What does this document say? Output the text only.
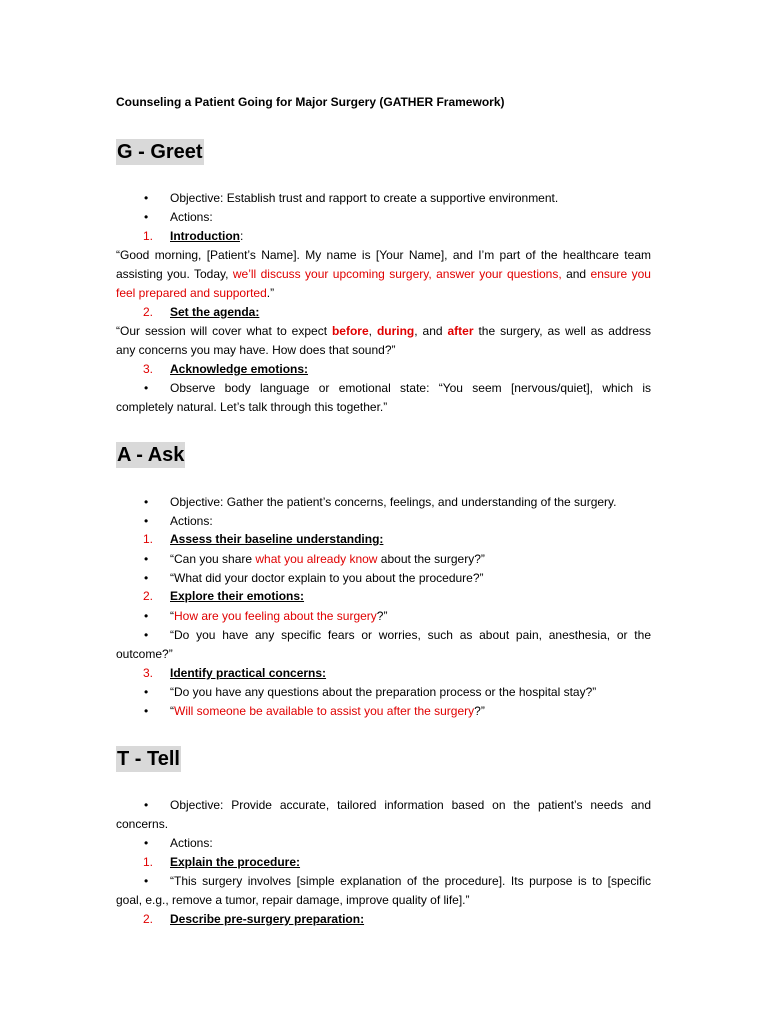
Counseling a Patient Going for Major Surgery (GATHER Framework)
G - Greet
• Objective: Establish trust and rapport to create a supportive environment.
• Actions:
1. Introduction:
“Good morning, [Patient’s Name]. My name is [Your Name], and I’m part of the healthcare team
assisting you. Today, we’ll discuss your upcoming surgery, answer your questions, and ensure you
feel prepared and supported.”
2. Set the agenda:
“Our session will cover what to expect before, during, and after the surgery, as well as address
any concerns you may have. How does that sound?”
3. Acknowledge emotions:
• Observe body language or emotional state: “You seem [nervous/quiet], which is
completely natural. Let’s talk through this together.”
A - Ask
• Objective: Gather the patient’s concerns, feelings, and understanding of the surgery.
• Actions:
1. Assess their baseline understanding:
• “Can you share what you already know about the surgery?”
• “What did your doctor explain to you about the procedure?”
2. Explore their emotions:
• “How are you feeling about the surgery?”
• “Do you have any specific fears or worries, such as about pain, anesthesia, or the
outcome?”
3. Identify practical concerns:
• “Do you have any questions about the preparation process or the hospital stay?”
• “Will someone be available to assist you after the surgery?”
T - Tell
• Objective: Provide accurate, tailored information based on the patient’s needs and
concerns.
• Actions:
1. Explain the procedure:
• “This surgery involves [simple explanation of the procedure]. Its purpose is to [specific
goal, e.g., remove a tumor, repair damage, improve quality of life].”
2. Describe pre-surgery preparation:
